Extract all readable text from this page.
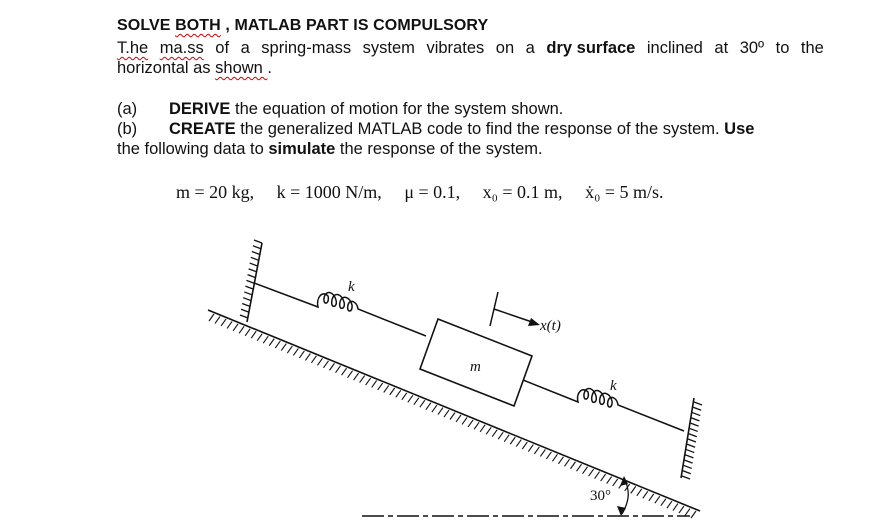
SOLVE BOTH , MATLAB PART IS COMPULSORY
T.he ma.ss of a spring-mass system vibrates on a dry surface inclined at 30º to the
horizontal as shown .
(a) DERIVE the equation of motion for the system shown.
(b) CREATE the generalized MATLAB code to find the response of the system. Use
the following data to simulate the response of the system.
m = 20 kg, k = 1000 N/m, μ = 0.1, x₀ = 0.1 m, ẋ₀ = 5 m/s.
k
m
k
x(t)
30°
